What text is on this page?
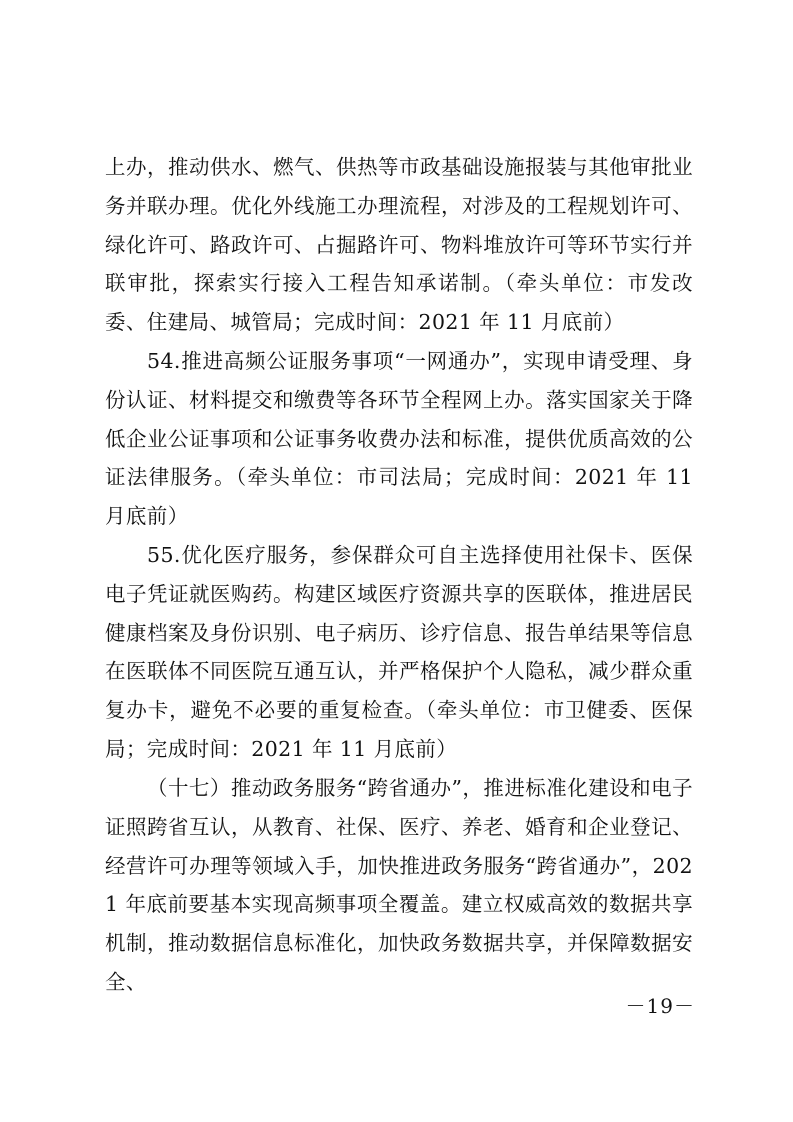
上办，推动供水、燃气、供热等市政基础设施报装与其他审批业务并联办理。优化外线施工办理流程，对涉及的工程规划许可、绿化许可、路政许可、占掘路许可、物料堆放许可等环节实行并联审批，探索实行接入工程告知承诺制。（牵头单位：市发改委、住建局、城管局；完成时间：2021 年 11 月底前）

54.推进高频公证服务事项“一网通办”，实现申请受理、身份认证、材料提交和缴费等各环节全程网上办。落实国家关于降低企业公证事项和公证事务收费办法和标准，提供优质高效的公证法律服务。（牵头单位：市司法局；完成时间：2021 年 11 月底前）

55.优化医疗服务，参保群众可自主选择使用社保卡、医保电子凭证就医购药。构建区域医疗资源共享的医联体，推进居民健康档案及身份识别、电子病历、诊疗信息、报告单结果等信息在医联体不同医院互通互认，并严格保护个人隐私，减少群众重复办卡，避免不必要的重复检查。（牵头单位：市卫健委、医保局；完成时间：2021 年 11 月底前）

（十七）推动政务服务“跨省通办”，推进标准化建设和电子证照跨省互认，从教育、社保、医疗、养老、婚育和企业登记、经营许可办理等领域入手，加快推进政务服务“跨省通办”，2021 年底前要基本实现高频事项全覆盖。建立权威高效的数据共享机制，推动数据信息标准化，加快政务数据共享，并保障数据安全、

－19－
